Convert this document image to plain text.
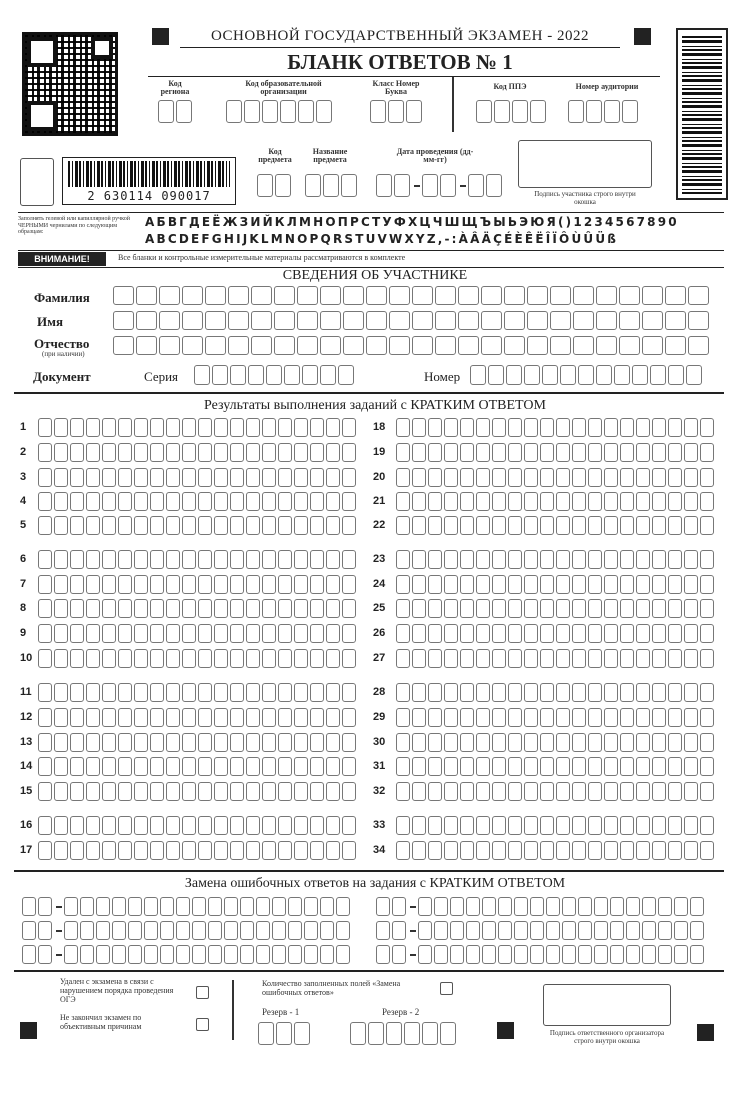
ОСНОВНОЙ ГОСУДАРСТВЕННЫЙ ЭКЗАМЕН - 2022
БЛАНК ОТВЕТОВ № 1
Код региона
Код образовательной организации
Класс Номер Буква
Код ППЭ	Номер аудитории
2 630114 090017
Код предмета
Название предмета
Дата проведения (дд-мм-гг)
Подпись участника строго внутри окошка
Заполнять гелевой или капиллярной ручкой ЧЕРНЫМИ чернилами по следующим образцам:
АБВГДЕЁЖЗИЙКЛМНОПРСТУФХЦЧШЩЪЫЬЭЮЯ()1234567890
ABCDEFGHIJKLMNOPQRSTUVWXYZ,-:ÀÂÄÇÉÈÊËÎÏÔÙÛÜß
ВНИМАНИЕ!	Все бланки и контрольные измерительные материалы рассматриваются в комплекте
СВЕДЕНИЯ ОБ УЧАСТНИКЕ
Фамилия
Имя
Отчество
(при наличии)
Документ	Серия	Номер
Результаты выполнения заданий с КРАТКИМ ОТВЕТОМ
1
2
3
4
5
6
7
8
9
10
11
12
13
14
15
16
17
18
19
20
21
22
23
24
25
26
27
28
29
30
31
32
33
34
Замена ошибочных ответов на задания с КРАТКИМ ОТВЕТОМ
Удален с экзамена в связи с нарушением порядка проведения ОГЭ
Не закончил экзамен по объективным причинам
Количество заполненных полей «Замена ошибочных ответов»
Резерв - 1	Резерв - 2
Подпись ответственного организатора строго внутри окошка
